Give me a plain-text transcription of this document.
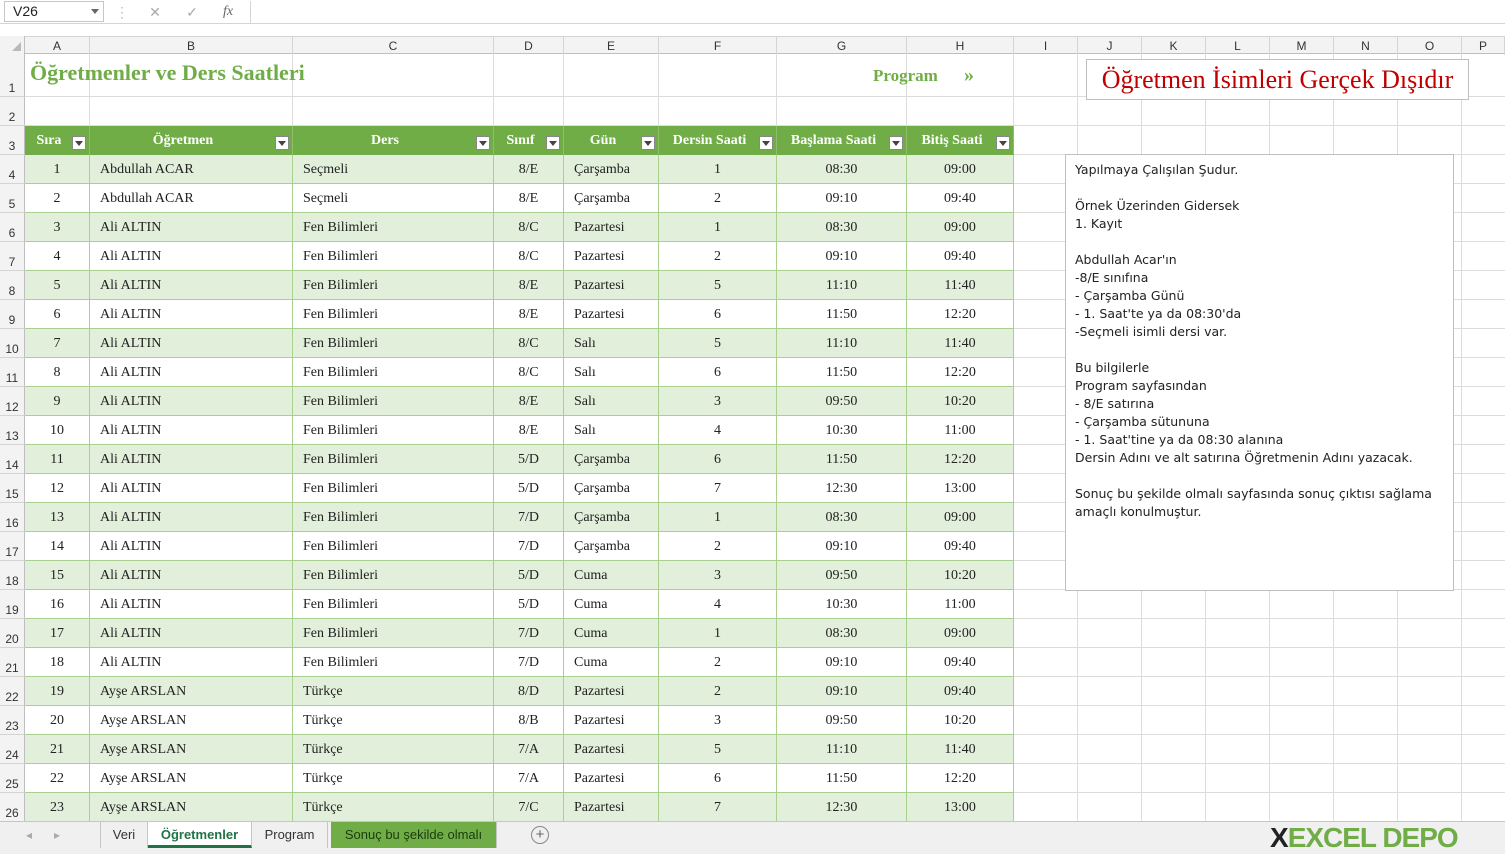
V26	⋮	✕	✓	fx
A	B	C	D	E	F	G	H	I	J	K	L	M	N	O	P
1
2
3
4
5
6
7
8
9
10
11
12
13
14
15
16
17
18
19
20
21
22
23
24
25
26
Öğretmenler ve Ders Saatleri	Program »	Öğretmen İsimleri Gerçek Dışıdır
Sıra	Öğretmen	Ders	Sınıf	Gün	Dersin Saati	Başlama Saati	Bitiş Saati
1	Abdullah ACAR	Seçmeli	8/E	Çarşamba	1	08:30	09:00
2	Abdullah ACAR	Seçmeli	8/E	Çarşamba	2	09:10	09:40
3	Ali ALTIN	Fen Bilimleri	8/C	Pazartesi	1	08:30	09:00
4	Ali ALTIN	Fen Bilimleri	8/C	Pazartesi	2	09:10	09:40
5	Ali ALTIN	Fen Bilimleri	8/E	Pazartesi	5	11:10	11:40
6	Ali ALTIN	Fen Bilimleri	8/E	Pazartesi	6	11:50	12:20
7	Ali ALTIN	Fen Bilimleri	8/C	Salı	5	11:10	11:40
8	Ali ALTIN	Fen Bilimleri	8/C	Salı	6	11:50	12:20
9	Ali ALTIN	Fen Bilimleri	8/E	Salı	3	09:50	10:20
10	Ali ALTIN	Fen Bilimleri	8/E	Salı	4	10:30	11:00
11	Ali ALTIN	Fen Bilimleri	5/D	Çarşamba	6	11:50	12:20
12	Ali ALTIN	Fen Bilimleri	5/D	Çarşamba	7	12:30	13:00
13	Ali ALTIN	Fen Bilimleri	7/D	Çarşamba	1	08:30	09:00
14	Ali ALTIN	Fen Bilimleri	7/D	Çarşamba	2	09:10	09:40
15	Ali ALTIN	Fen Bilimleri	5/D	Cuma	3	09:50	10:20
16	Ali ALTIN	Fen Bilimleri	5/D	Cuma	4	10:30	11:00
17	Ali ALTIN	Fen Bilimleri	7/D	Cuma	1	08:30	09:00
18	Ali ALTIN	Fen Bilimleri	7/D	Cuma	2	09:10	09:40
19	Ayşe ARSLAN	Türkçe	8/D	Pazartesi	2	09:10	09:40
20	Ayşe ARSLAN	Türkçe	8/B	Pazartesi	3	09:50	10:20
21	Ayşe ARSLAN	Türkçe	7/A	Pazartesi	5	11:10	11:40
22	Ayşe ARSLAN	Türkçe	7/A	Pazartesi	6	11:50	12:20
23	Ayşe ARSLAN	Türkçe	7/C	Pazartesi	7	12:30	13:00
Yapılmaya Çalışılan Şudur.
Örnek Üzerinden Gidersek
1. Kayıt
Abdullah Acar'ın
-8/E sınıfına
- Çarşamba Günü
- 1. Saat'te ya da 08:30'da
-Seçmeli isimli dersi var.
Bu bilgilerle
Program sayfasından
- 8/E satırına
- Çarşamba sütununa
- 1. Saat'tine ya da 08:30 alanına
Dersin Adını ve alt satırına Öğretmenin Adını yazacak.
Sonuç bu şekilde olmalı sayfasında sonuç çıktısı sağlama
amaçlı konulmuştur.
◂ ▸	Veri	Öğretmenler	Program	Sonuç bu şekilde olmalı	+	XEXCEL DEPO
